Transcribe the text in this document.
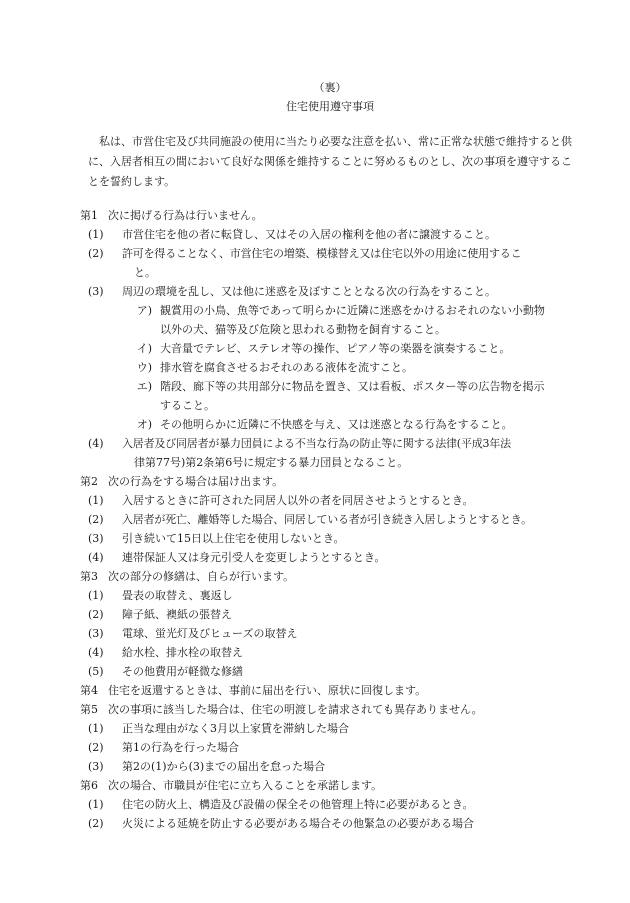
（裏）
住宅使用遵守事項
私は、市営住宅及び共同施設の使用に当たり必要な注意を払い、常に正常な状態で維持すると供に、入居者相互の間において良好な関係を維持することに努めるものとし、次の事項を遵守することを誓約します。
第1 次に掲げる行為は行いません。
(1)	市営住宅を他の者に転貸し、又はその入居の権利を他の者に譲渡すること。
(2)	許可を得ることなく、市営住宅の増築、模様替え又は住宅以外の用途に使用するこ
と。
(3)	周辺の環境を乱し、又は他に迷惑を及ぼすこととなる次の行為をすること。
ア) 観賞用の小鳥、魚等であって明らかに近隣に迷惑をかけるおそれのない小動物
以外の犬、猫等及び危険と思われる動物を飼育すること。
イ) 大音量でテレビ、ステレオ等の操作、ピアノ等の楽器を演奏すること。
ウ) 排水管を腐食させるおそれのある液体を流すこと。
エ) 階段、廊下等の共用部分に物品を置き、又は看板、ポスター等の広告物を掲示
すること。
オ) その他明らかに近隣に不快感を与え、又は迷惑となる行為をすること。
(4)	入居者及び同居者が暴力団員による不当な行為の防止等に関する法律(平成3年法
律第77号)第2条第6号に規定する暴力団員となること。
第2 次の行為をする場合は届け出ます。
(1)	入居するときに許可された同居人以外の者を同居させようとするとき。
(2)	入居者が死亡、離婚等した場合、同居している者が引き続き入居しようとするとき。
(3)	引き続いて15日以上住宅を使用しないとき。
(4)	連帯保証人又は身元引受人を変更しようとするとき。
第3 次の部分の修繕は、自らが行います。
(1)	畳表の取替え、裏返し
(2)	障子紙、襖紙の張替え
(3)	電球、蛍光灯及びヒューズの取替え
(4)	給水栓、排水栓の取替え
(5)	その他費用が軽微な修繕
第4 住宅を返還するときは、事前に届出を行い、原状に回復します。
第5 次の事項に該当した場合は、住宅の明渡しを請求されても異存ありません。
(1)	正当な理由がなく3月以上家賃を滞納した場合
(2)	第1の行為を行った場合
(3)	第2の(1)から(3)までの届出を怠った場合
第6 次の場合、市職員が住宅に立ち入ることを承諾します。
(1)	住宅の防火上、構造及び設備の保全その他管理上特に必要があるとき。
(2)	火災による延焼を防止する必要がある場合その他緊急の必要がある場合
